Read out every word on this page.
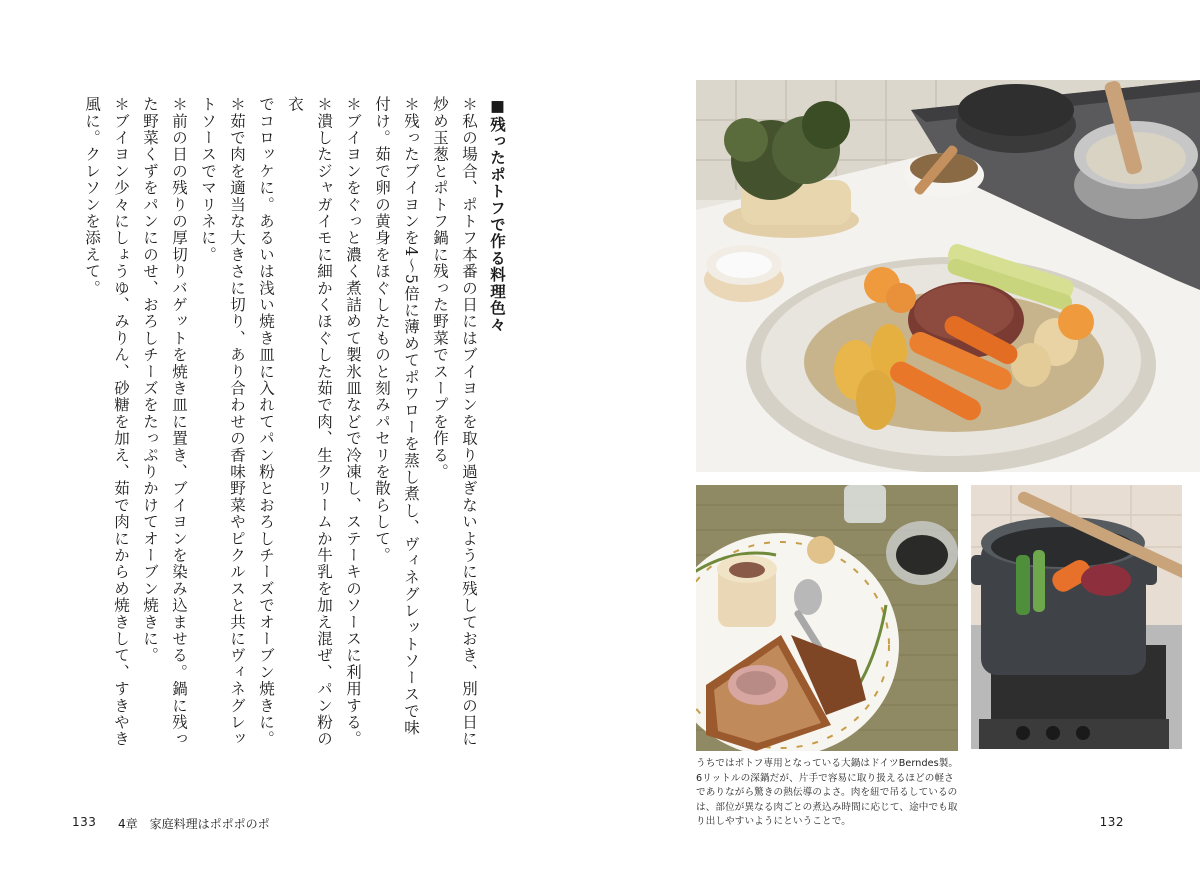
■残ったポトフで作る料理色々
＊私の場合、ポトフ本番の日にはブイヨンを取り過ぎないように残しておき、別の日に
炒め玉葱とポトフ鍋に残った野菜でスープを作る。
＊残ったブイヨンを4〜5倍に薄めてポワローを蒸し煮し、ヴィネグレットソースで味
付け。茹で卵の黄身をほぐしたものと刻みパセリを散らして。
＊ブイヨンをぐっと濃く煮詰めて製氷皿などで冷凍し、ステーキのソースに利用する。
＊潰したジャガイモに細かくほぐした茹で肉、生クリームか牛乳を加え混ぜ、パン粉の衣
でコロッケに。あるいは浅い焼き皿に入れてパン粉とおろしチーズでオーブン焼きに。
＊茹で肉を適当な大きさに切り、あり合わせの香味野菜やピクルスと共にヴィネグレッ
トソースでマリネに。
＊前の日の残りの厚切りバゲットを焼き皿に置き、ブイヨンを染み込ませる。鍋に残っ
た野菜くずをパンにのせ、おろしチーズをたっぷりかけてオーブン焼きに。
＊ブイヨン少々にしょうゆ、みりん、砂糖を加え、茹で肉にからめ焼きして、すきやき
風に。クレソンを添えて。
133 4章 家庭料理はポポポのポ
うちではポトフ専用となっている大鍋はドイツBerndes製。6リットルの深鍋だが、片手で容易に取り扱えるほどの軽さでありながら驚きの熱伝導のよさ。肉を紐で吊るしているのは、部位が異なる肉ごとの煮込み時間に応じて、途中でも取り出しやすいようにということで。	132
